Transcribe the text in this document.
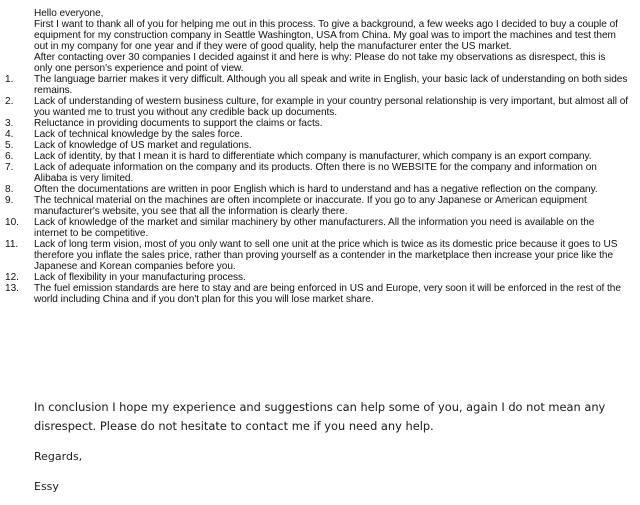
Hello everyone,
First I want to thank all of you for helping me out in this process. To give a background, a few weeks ago I decided to buy a couple of equipment for my construction company in Seattle Washington, USA from China. My goal was to import the machines and test them out in my company for one year and if they were of good quality, help the manufacturer enter the US market.
After contacting over 30 companies I decided against it and here is why: Please do not take my observations as disrespect, this is only one person's experience and point of view.
1.	The language barrier makes it very difficult. Although you all speak and write in English, your basic lack of understanding on both sides remains.
2.	Lack of understanding of western business culture, for example in your country personal relationship is very important, but almost all of you wanted me to trust you without any credible back up documents.
3.	Reluctance in providing documents to support the claims or facts.
4.	Lack of technical knowledge by the sales force.
5.	Lack of knowledge of US market and regulations.
6.	Lack of identity, by that I mean it is hard to differentiate which company is manufacturer, which company is an export company.
7.	Lack of adequate information on the company and its products. Often there is no WEBSITE for the company and information on Alibaba is very limited.
8.	Often the documentations are written in poor English which is hard to understand and has a negative reflection on the company.
9.	The technical material on the machines are often incomplete or inaccurate. If you go to any Japanese or American equipment manufacturer's website, you see that all the information is clearly there.
10.	Lack of knowledge of the market and similar machinery by other manufacturers. All the information you need is available on the internet to be competitive.
11.	Lack of long term vision, most of you only want to sell one unit at the price which is twice as its domestic price because it goes to US therefore you inflate the sales price, rather than proving yourself as a contender in the marketplace then increase your price like the Japanese and Korean companies before you.
12.	Lack of flexibility in your manufacturing process.
13.	The fuel emission standards are here to stay and are being enforced in US and Europe, very soon it will be enforced in the rest of the world including China and if you don't plan for this you will lose market share.
In conclusion I hope my experience and suggestions can help some of you, again I do not mean any disrespect. Please do not hesitate to contact me if you need any help.
Regards,
Essy
